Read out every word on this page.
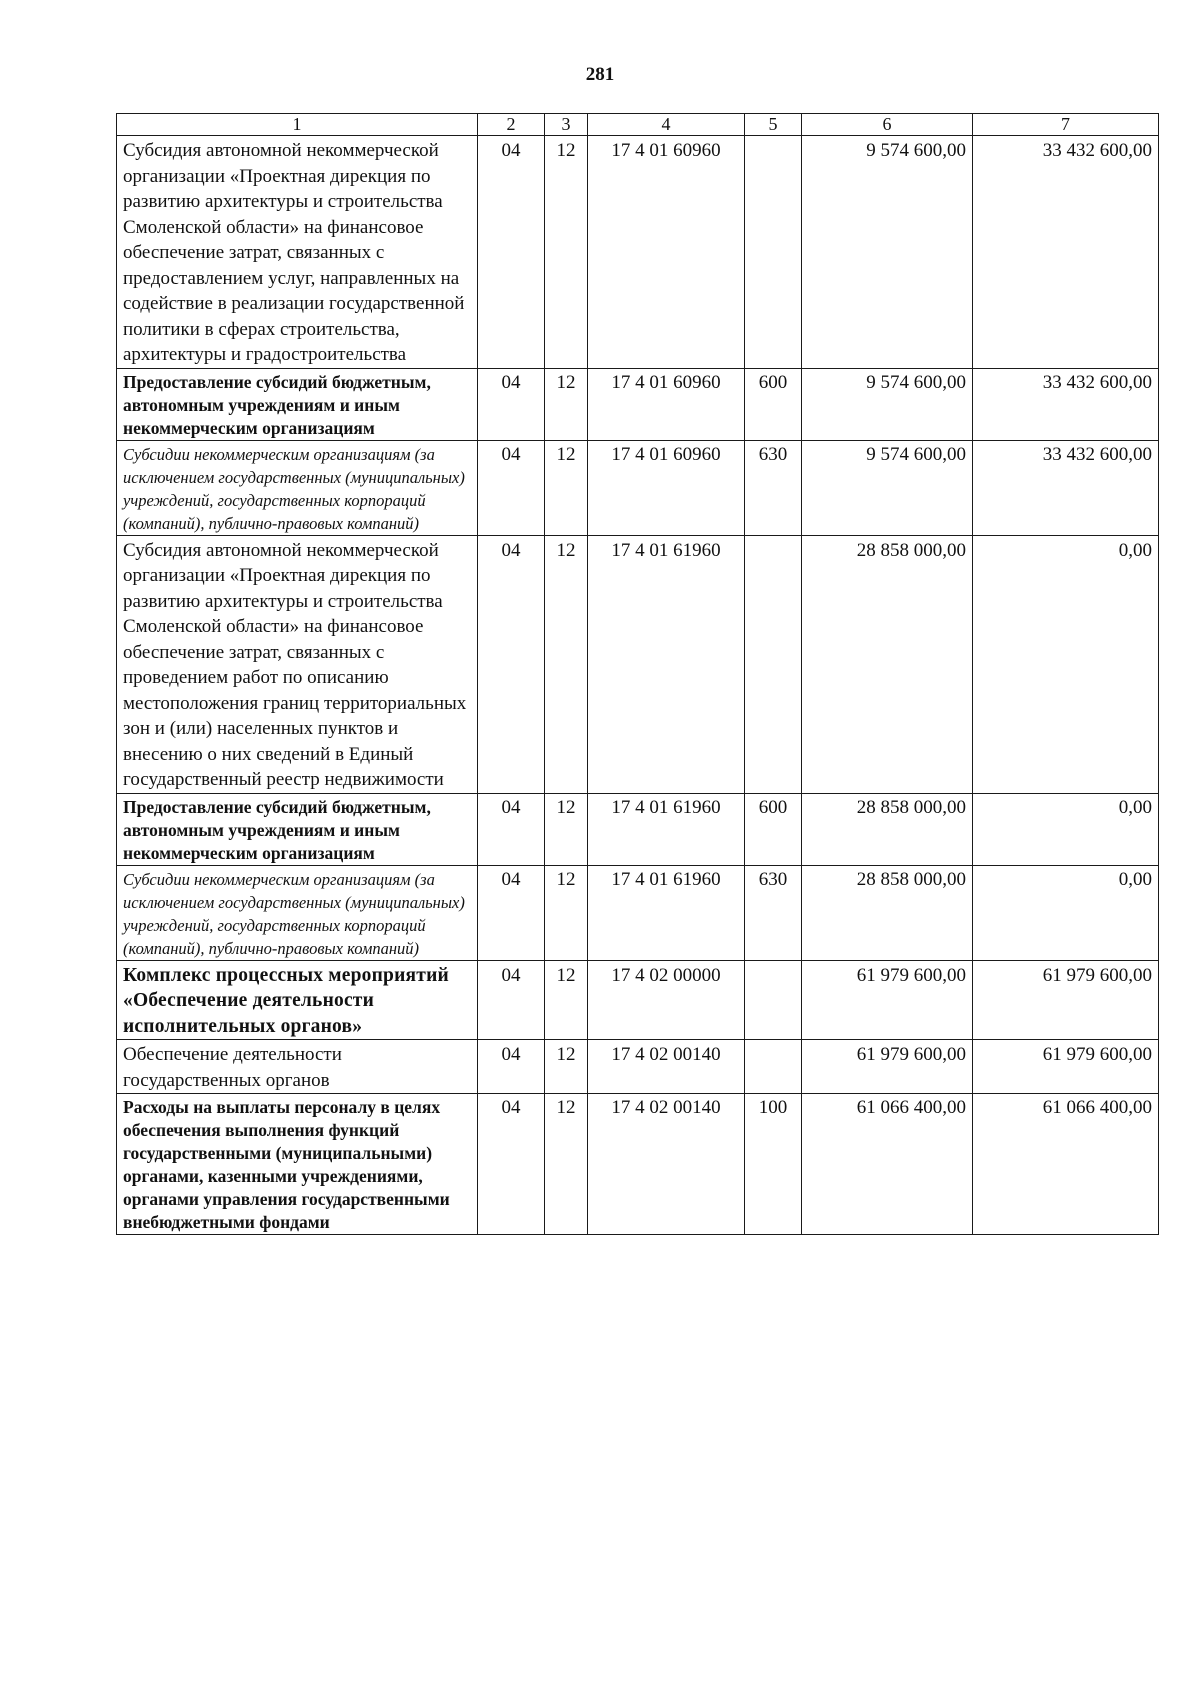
281
1	2	3	4	5	6	7
Субсидия автономной некоммерческой организации «Проектная дирекция по развитию архитектуры и строительства Смоленской области» на финансовое обеспечение затрат, связанных с предоставлением услуг, направленных на содействие в реализации государственной политики в сферах строительства, архитектуры и градостроительства	04	12	17 4 01 60960		9 574 600,00	33 432 600,00
Предоставление субсидий бюджетным, автономным учреждениям и иным некоммерческим организациям	04	12	17 4 01 60960	600	9 574 600,00	33 432 600,00
Субсидии некоммерческим организациям (за исключением государственных (муниципальных) учреждений, государственных корпораций (компаний), публично-правовых компаний)	04	12	17 4 01 60960	630	9 574 600,00	33 432 600,00
Субсидия автономной некоммерческой организации «Проектная дирекция по развитию архитектуры и строительства Смоленской области» на финансовое обеспечение затрат, связанных с проведением работ по описанию местоположения границ территориальных зон и (или) населенных пунктов и внесению о них сведений в Единый государственный реестр недвижимости	04	12	17 4 01 61960		28 858 000,00	0,00
Предоставление субсидий бюджетным, автономным учреждениям и иным некоммерческим организациям	04	12	17 4 01 61960	600	28 858 000,00	0,00
Субсидии некоммерческим организациям (за исключением государственных (муниципальных) учреждений, государственных корпораций (компаний), публично-правовых компаний)	04	12	17 4 01 61960	630	28 858 000,00	0,00
Комплекс процессных мероприятий «Обеспечение деятельности исполнительных органов»	04	12	17 4 02 00000		61 979 600,00	61 979 600,00
Обеспечение деятельности государственных органов	04	12	17 4 02 00140		61 979 600,00	61 979 600,00
Расходы на выплаты персоналу в целях обеспечения выполнения функций государственными (муниципальными) органами, казенными учреждениями, органами управления государственными внебюджетными фондами	04	12	17 4 02 00140	100	61 066 400,00	61 066 400,00
